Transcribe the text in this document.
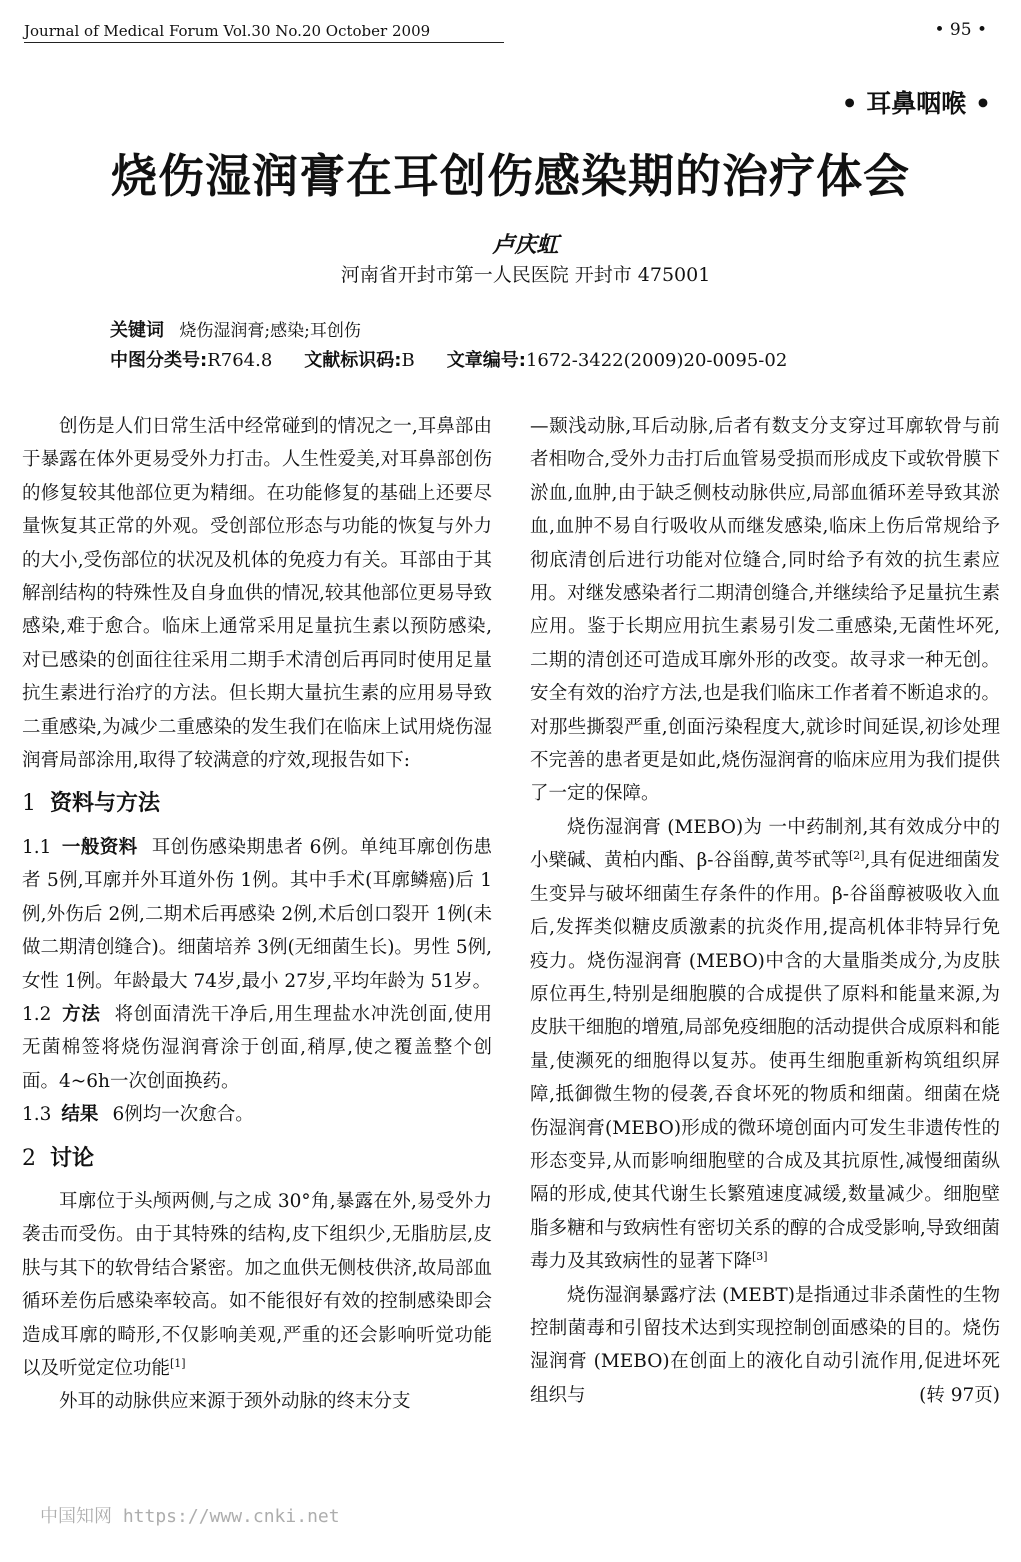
Journal of Medical Forum Vol.30 No.20 October 2009	• 95 •
• 耳鼻咽喉 •
烧伤湿润膏在耳创伤感染期的治疗体会
卢庆虹
河南省开封市第一人民医院 开封市 475001
关键词 烧伤湿润膏;感染;耳创伤
中图分类号:R764.8 文献标识码:B 文章编号:1672-3422(2009)20-0095-02

创伤是人们日常生活中经常碰到的情况之一,耳鼻部由于暴露在体外更易受外力打击。人生性爱美,对耳鼻部创伤的修复较其他部位更为精细。在功能修复的基础上还要尽量恢复其正常的外观。受创部位形态与功能的恢复与外力的大小,受伤部位的状况及机体的免疫力有关。耳部由于其解剖结构的特殊性及自身血供的情况,较其他部位更易导致感染,难于愈合。临床上通常采用足量抗生素以预防感染,对已感染的创面往往采用二期手术清创后再同时使用足量抗生素进行治疗的方法。但长期大量抗生素的应用易导致二重感染,为减少二重感染的发生我们在临床上试用烧伤湿润膏局部涂用,取得了较满意的疗效,现报告如下:

1 资料与方法

1.1 一般资料 耳创伤感染期患者 6例。单纯耳廓创伤患者 5例,耳廓并外耳道外伤 1例。其中手术(耳廓鳞癌)后 1例,外伤后 2例,二期术后再感染 2例,术后创口裂开 1例(未做二期清创缝合)。细菌培养 3例(无细菌生长)。男性 5例,女性 1例。年龄最大 74岁,最小 27岁,平均年龄为 51岁。

1.2 方法 将创面清洗干净后,用生理盐水冲洗创面,使用无菌棉签将烧伤湿润膏涂于创面,稍厚,使之覆盖整个创面。4~6h一次创面换药。

1.3 结果 6例均一次愈合。

2 讨论

耳廓位于头颅两侧,与之成 30°角,暴露在外,易受外力袭击而受伤。由于其特殊的结构,皮下组织少,无脂肪层,皮肤与其下的软骨结合紧密。加之血供无侧枝供济,故局部血循环差伤后感染率较高。如不能很好有效的控制感染即会造成耳廓的畸形,不仅影响美观,严重的还会影响听觉功能以及听觉定位功能[1]

外耳的动脉供应来源于颈外动脉的终末分支

—颞浅动脉,耳后动脉,后者有数支分支穿过耳廓软骨与前者相吻合,受外力击打后血管易受损而形成皮下或软骨膜下淤血,血肿,由于缺乏侧枝动脉供应,局部血循环差导致其淤血,血肿不易自行吸收从而继发感染,临床上伤后常规给予彻底清创后进行功能对位缝合,同时给予有效的抗生素应用。对继发感染者行二期清创缝合,并继续给予足量抗生素应用。鉴于长期应用抗生素易引发二重感染,无菌性坏死,二期的清创还可造成耳廓外形的改变。故寻求一种无创。安全有效的治疗方法,也是我们临床工作者着不断追求的。对那些撕裂严重,创面污染程度大,就诊时间延误,初诊处理不完善的患者更是如此,烧伤湿润膏的临床应用为我们提供了一定的保障。

烧伤湿润膏 (MEBO)为 一中药制剂,其有效成分中的小檗碱、黄柏内酯、β-谷甾醇,黄芩甙等[2],具有促进细菌发生变异与破坏细菌生存条件的作用。β-谷甾醇被吸收入血后,发挥类似糖皮质激素的抗炎作用,提高机体非特异行免疫力。烧伤湿润膏 (MEBO)中含的大量脂类成分,为皮肤原位再生,特别是细胞膜的合成提供了原料和能量来源,为皮肤干细胞的增殖,局部免疫细胞的活动提供合成原料和能量,使濒死的细胞得以复苏。使再生细胞重新构筑组织屏障,抵御微生物的侵袭,吞食坏死的物质和细菌。细菌在烧伤湿润膏(MEBO)形成的微环境创面内可发生非遗传性的形态变异,从而影响细胞壁的合成及其抗原性,减慢细菌纵隔的形成,使其代谢生长繁殖速度减缓,数量减少。细胞壁脂多糖和与致病性有密切关系的醇的合成受影响,导致细菌毒力及其致病性的显著下降[3]

烧伤湿润暴露疗法 (MEBT)是指通过非杀菌性的生物控制菌毒和引留技术达到实现控制创面感染的目的。烧伤湿润膏 (MEBO)在创面上的液化自动引流作用,促进坏死组织与	(转 97页)

中国知网 https://www.cnki.net
